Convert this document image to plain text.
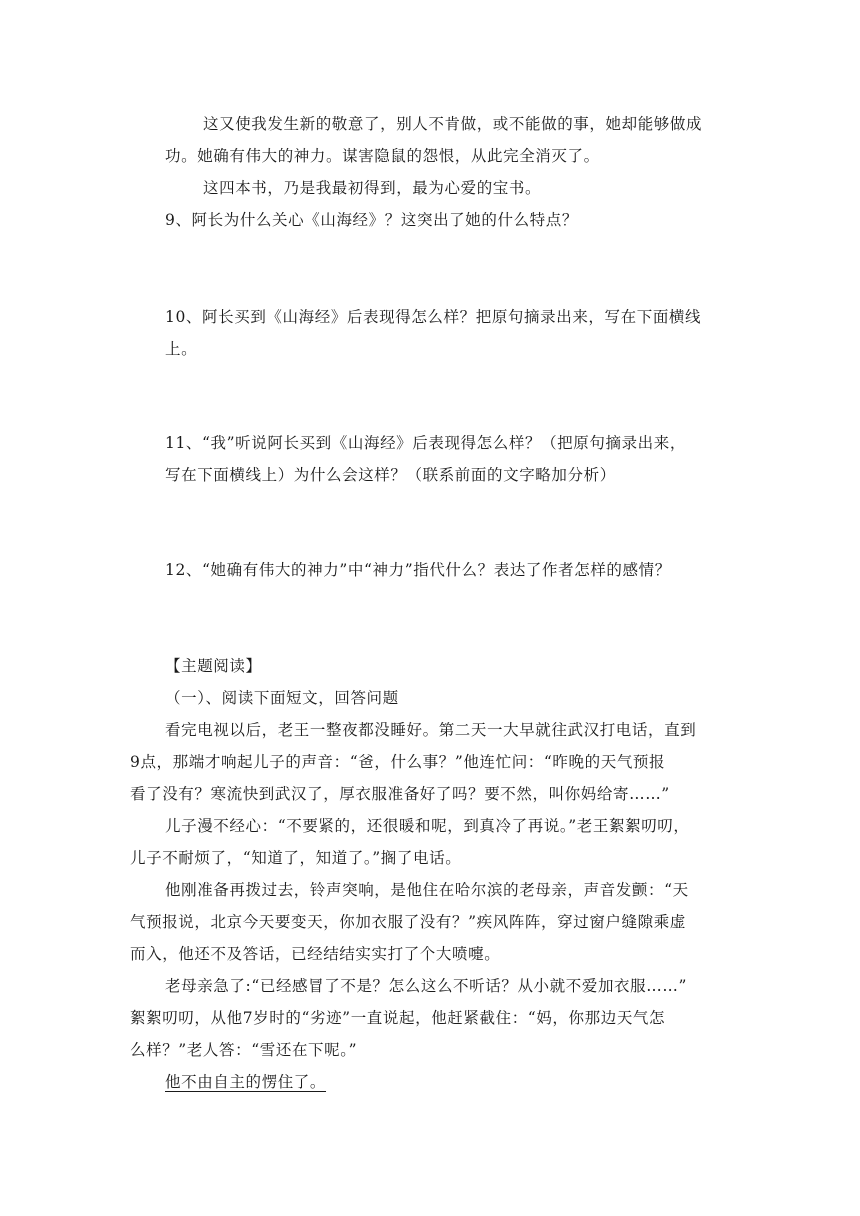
这又使我发生新的敬意了，别人不肯做，或不能做的事，她却能够做成
功。她确有伟大的神力。谋害隐鼠的怨恨，从此完全消灭了。
这四本书，乃是我最初得到，最为心爱的宝书。
9、阿长为什么关心《山海经》？这突出了她的什么特点？
10、阿长买到《山海经》后表现得怎么样？把原句摘录出来，写在下面横线
上。
11、“我”听说阿长买到《山海经》后表现得怎么样？（把原句摘录出来，
写在下面横线上）为什么会这样？（联系前面的文字略加分析）
12、“她确有伟大的神力”中“神力”指代什么？表达了作者怎样的感情？
【主题阅读】
（一）、阅读下面短文，回答问题
看完电视以后，老王一整夜都没睡好。第二天一大早就往武汉打电话，直到
9点，那端才响起儿子的声音：“爸，什么事？”他连忙问：“昨晚的天气预报
看了没有？寒流快到武汉了，厚衣服准备好了吗？要不然，叫你妈给寄……”
儿子漫不经心：“不要紧的，还很暖和呢，到真冷了再说。”老王絮絮叨叨，
儿子不耐烦了，“知道了，知道了。”搁了电话。
他刚准备再拨过去，铃声突响，是他住在哈尔滨的老母亲，声音发颤：“天
气预报说，北京今天要变天，你加衣服了没有？”疾风阵阵，穿过窗户缝隙乘虚
而入，他还不及答话，已经结结实实打了个大喷嚏。
老母亲急了:“已经感冒了不是？怎么这么不听话？从小就不爱加衣服……”
絮絮叨叨，从他7岁时的“劣迹”一直说起，他赶紧截住：“妈，你那边天气怎
么样？”老人答：“雪还在下呢。”
他不由自主的愣住了。
